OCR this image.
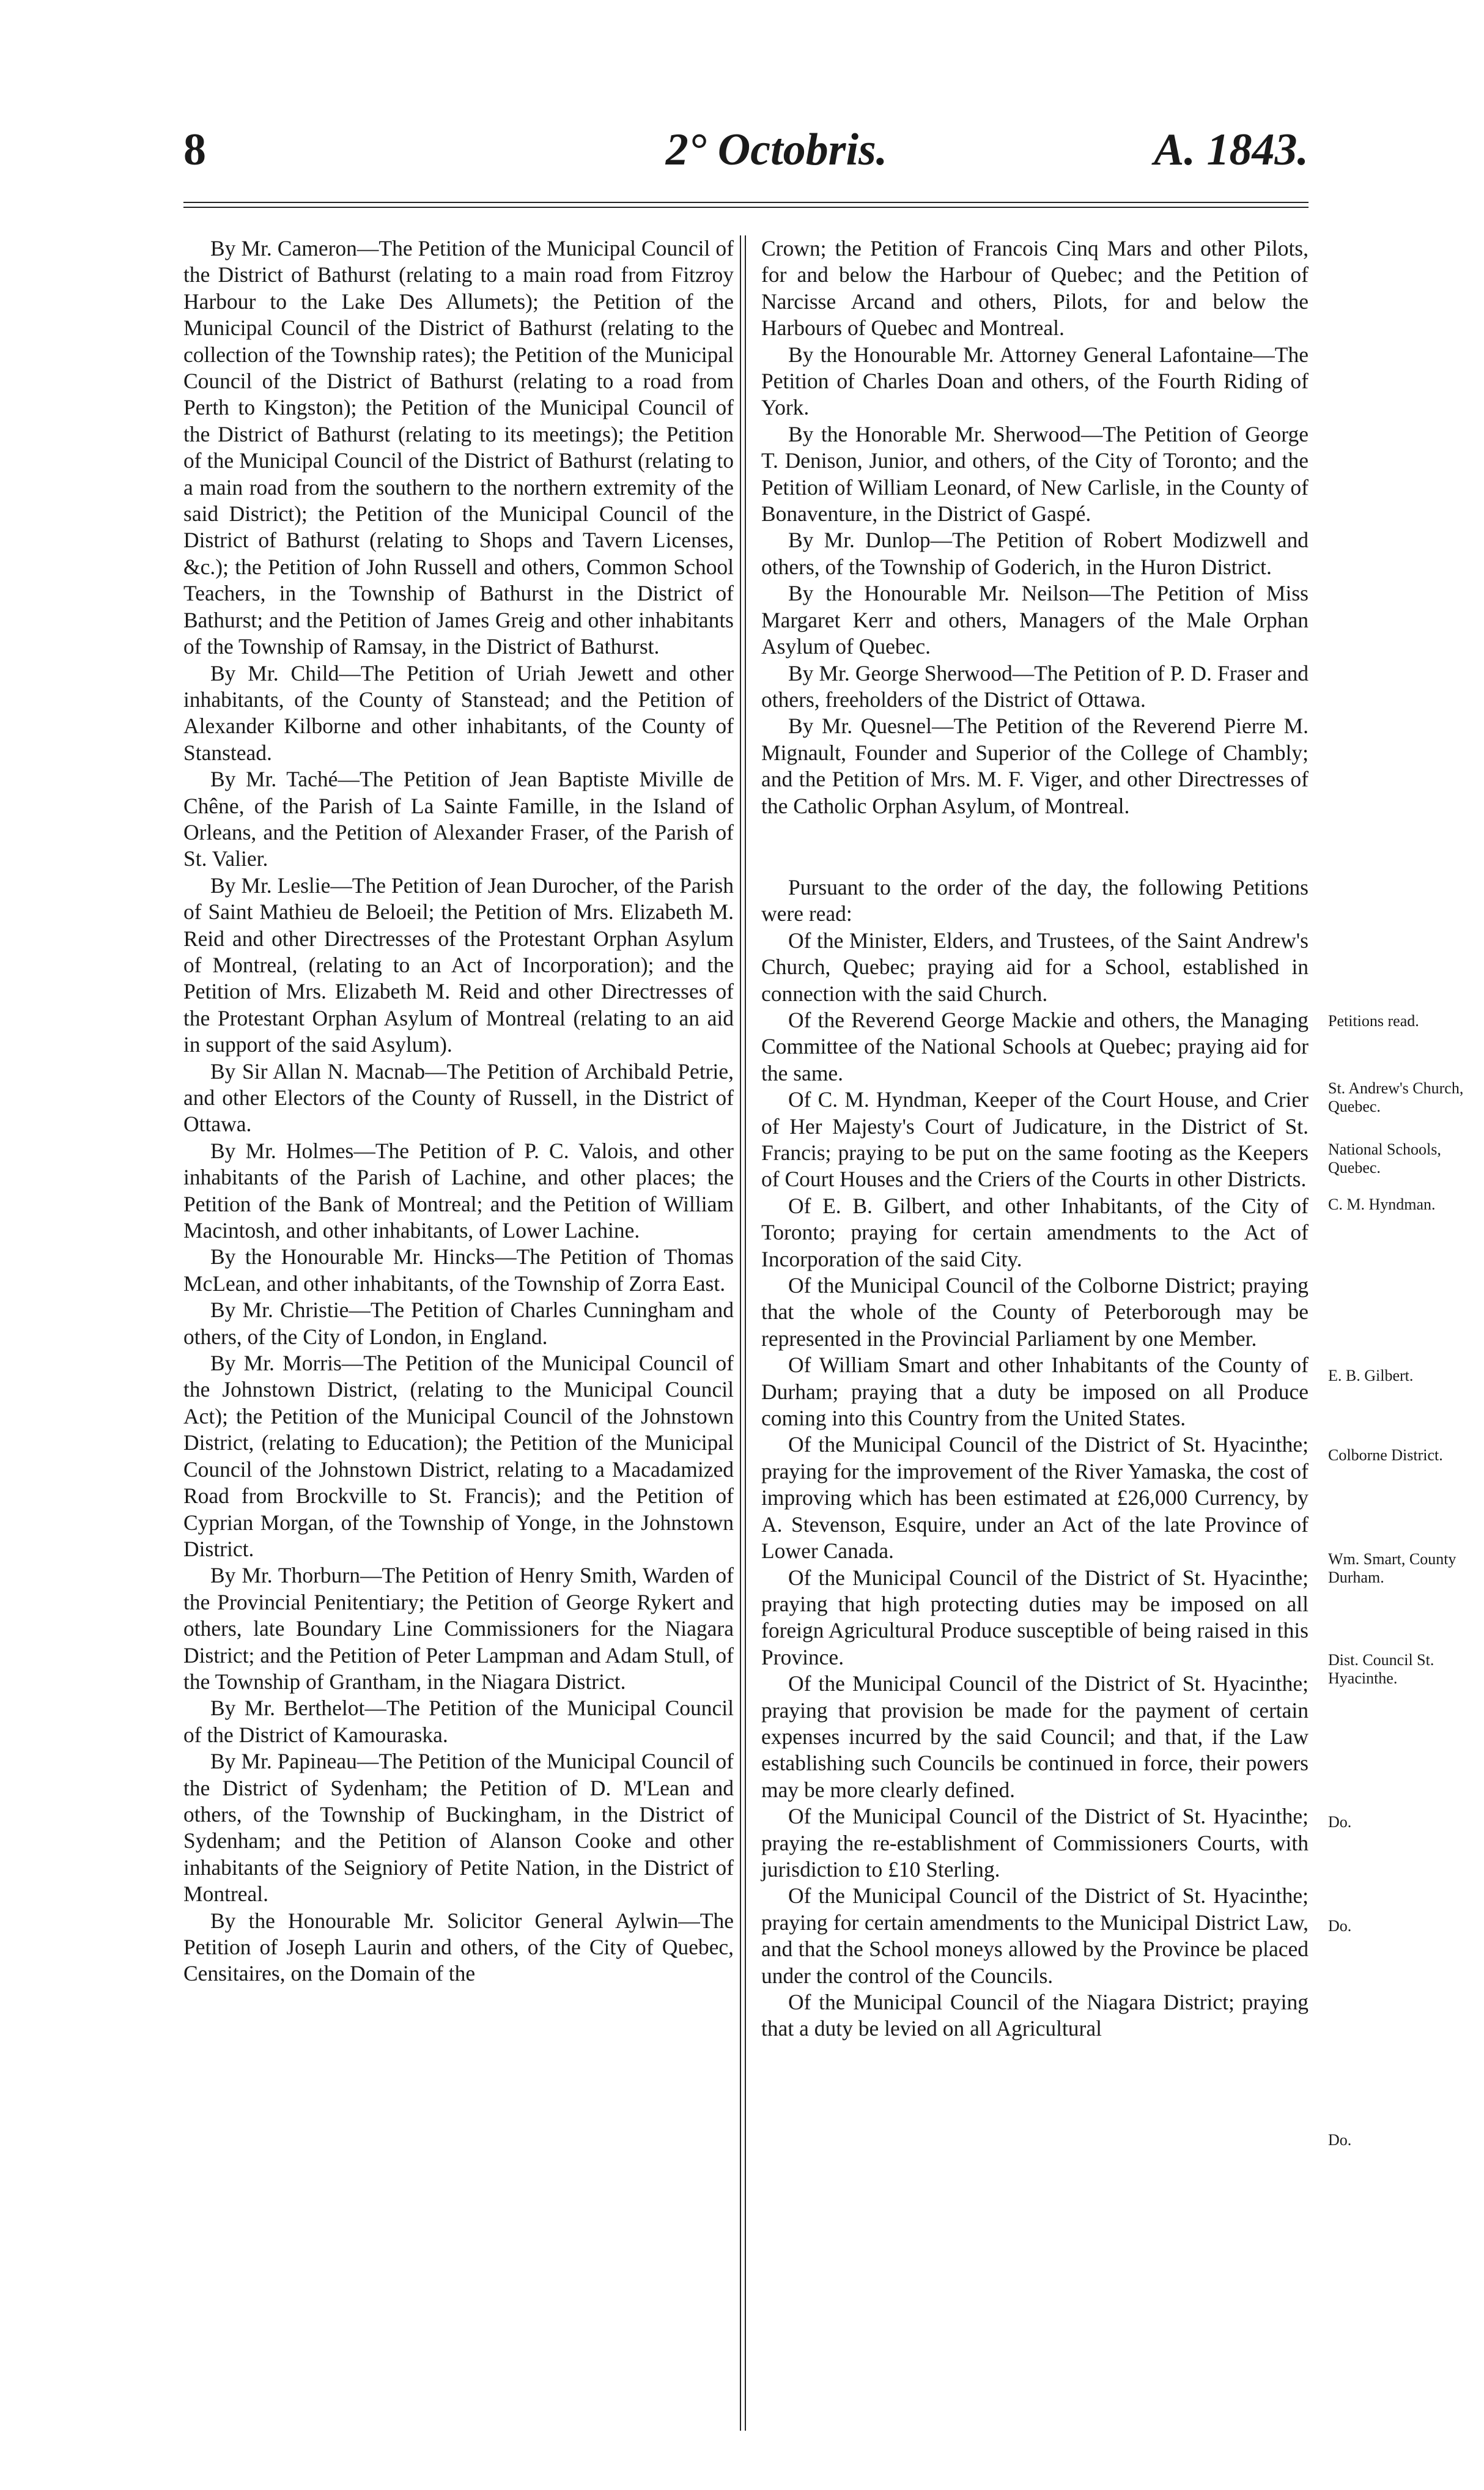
8	2° Octobris.	A. 1843.

By Mr. Cameron—The Petition of the Municipal Council of the District of Bathurst (relating to a main road from Fitzroy Harbour to the Lake Des Allumets); the Petition of the Municipal Council of the District of Bathurst (relating to the collection of the Township rates); the Petition of the Municipal Council of the District of Bathurst (relating to a road from Perth to Kingston); the Petition of the Municipal Council of the District of Bathurst (relating to its meetings); the Petition of the Municipal Council of the District of Bathurst (relating to a main road from the southern to the northern extremity of the said District); the Petition of the Municipal Council of the District of Bathurst (relating to Shops and Tavern Licenses, &c.); the Petition of John Russell and others, Common School Teachers, in the Township of Bathurst in the District of Bathurst; and the Petition of James Greig and other inhabitants of the Township of Ramsay, in the District of Bathurst.

By Mr. Child—The Petition of Uriah Jewett and other inhabitants, of the County of Stanstead; and the Petition of Alexander Kilborne and other inhabitants, of the County of Stanstead.

By Mr. Taché—The Petition of Jean Baptiste Miville de Chêne, of the Parish of La Sainte Famille, in the Island of Orleans, and the Petition of Alexander Fraser, of the Parish of St. Valier.

By Mr. Leslie—The Petition of Jean Durocher, of the Parish of Saint Mathieu de Beloeil; the Petition of Mrs. Elizabeth M. Reid and other Directresses of the Protestant Orphan Asylum of Montreal, (relating to an Act of Incorporation); and the Petition of Mrs. Elizabeth M. Reid and other Directresses of the Protestant Orphan Asylum of Montreal (relating to an aid in support of the said Asylum).

By Sir Allan N. Macnab—The Petition of Archibald Petrie, and other Electors of the County of Russell, in the District of Ottawa.

By Mr. Holmes—The Petition of P. C. Valois, and other inhabitants of the Parish of Lachine, and other places; the Petition of the Bank of Montreal; and the Petition of William Macintosh, and other inhabitants, of Lower Lachine.

By the Honourable Mr. Hincks—The Petition of Thomas McLean, and other inhabitants, of the Township of Zorra East.

By Mr. Christie—The Petition of Charles Cunningham and others, of the City of London, in England.

By Mr. Morris—The Petition of the Municipal Council of the Johnstown District, (relating to the Municipal Council Act); the Petition of the Municipal Council of the Johnstown District, (relating to Education); the Petition of the Municipal Council of the Johnstown District, relating to a Macadamized Road from Brockville to St. Francis); and the Petition of Cyprian Morgan, of the Township of Yonge, in the Johnstown District.

By Mr. Thorburn—The Petition of Henry Smith, Warden of the Provincial Penitentiary; the Petition of George Rykert and others, late Boundary Line Commissioners for the Niagara District; and the Petition of Peter Lampman and Adam Stull, of the Township of Grantham, in the Niagara District.

By Mr. Berthelot—The Petition of the Municipal Council of the District of Kamouraska.

By Mr. Papineau—The Petition of the Municipal Council of the District of Sydenham; the Petition of D. M'Lean and others, of the Township of Buckingham, in the District of Sydenham; and the Petition of Alanson Cooke and other inhabitants of the Seigniory of Petite Nation, in the District of Montreal.

By the Honourable Mr. Solicitor General Aylwin—The Petition of Joseph Laurin and others, of the City of Quebec, Censitaires, on the Domain of the

Crown; the Petition of Francois Cinq Mars and other Pilots, for and below the Harbour of Quebec; and the Petition of Narcisse Arcand and others, Pilots, for and below the Harbours of Quebec and Montreal.

By the Honourable Mr. Attorney General Lafontaine—The Petition of Charles Doan and others, of the Fourth Riding of York.

By the Honorable Mr. Sherwood—The Petition of George T. Denison, Junior, and others, of the City of Toronto; and the Petition of William Leonard, of New Carlisle, in the County of Bonaventure, in the District of Gaspé.

By Mr. Dunlop—The Petition of Robert Modizwell and others, of the Township of Goderich, in the Huron District.

By the Honourable Mr. Neilson—The Petition of Miss Margaret Kerr and others, Managers of the Male Orphan Asylum of Quebec.

By Mr. George Sherwood—The Petition of P. D. Fraser and others, freeholders of the District of Ottawa.

By Mr. Quesnel—The Petition of the Reverend Pierre M. Mignault, Founder and Superior of the College of Chambly; and the Petition of Mrs. M. F. Viger, and other Directresses of the Catholic Orphan Asylum, of Montreal.

Pursuant to the order of the day, the following Petitions were read:

Of the Minister, Elders, and Trustees, of the Saint Andrew's Church, Quebec; praying aid for a School, established in connection with the said Church.

Of the Reverend George Mackie and others, the Managing Committee of the National Schools at Quebec; praying aid for the same.

Of C. M. Hyndman, Keeper of the Court House, and Crier of Her Majesty's Court of Judicature, in the District of St. Francis; praying to be put on the same footing as the Keepers of Court Houses and the Criers of the Courts in other Districts.

Of E. B. Gilbert, and other Inhabitants, of the City of Toronto; praying for certain amendments to the Act of Incorporation of the said City.

Of the Municipal Council of the Colborne District; praying that the whole of the County of Peterborough may be represented in the Provincial Parliament by one Member.

Of William Smart and other Inhabitants of the County of Durham; praying that a duty be imposed on all Produce coming into this Country from the United States.

Of the Municipal Council of the District of St. Hyacinthe; praying for the improvement of the River Yamaska, the cost of improving which has been estimated at £26,000 Currency, by A. Stevenson, Esquire, under an Act of the late Province of Lower Canada.

Of the Municipal Council of the District of St. Hyacinthe; praying that high protecting duties may be imposed on all foreign Agricultural Produce susceptible of being raised in this Province.

Of the Municipal Council of the District of St. Hyacinthe; praying that provision be made for the payment of certain expenses incurred by the said Council; and that, if the Law establishing such Councils be continued in force, their powers may be more clearly defined.

Of the Municipal Council of the District of St. Hyacinthe; praying the re-establishment of Commissioners Courts, with jurisdiction to £10 Sterling.

Of the Municipal Council of the District of St. Hyacinthe; praying for certain amendments to the Municipal District Law, and that the School moneys allowed by the Province be placed under the control of the Councils.

Of the Municipal Council of the Niagara District; praying that a duty be levied on all Agricultural

Petitions read.
St. Andrew's Church, Quebec.
National Schools, Quebec.
C. M. Hyndman.
E. B. Gilbert.
Colborne District.
Wm. Smart, County Durham.
Dist. Council St. Hyacinthe.
Do.
Do.
Do.
